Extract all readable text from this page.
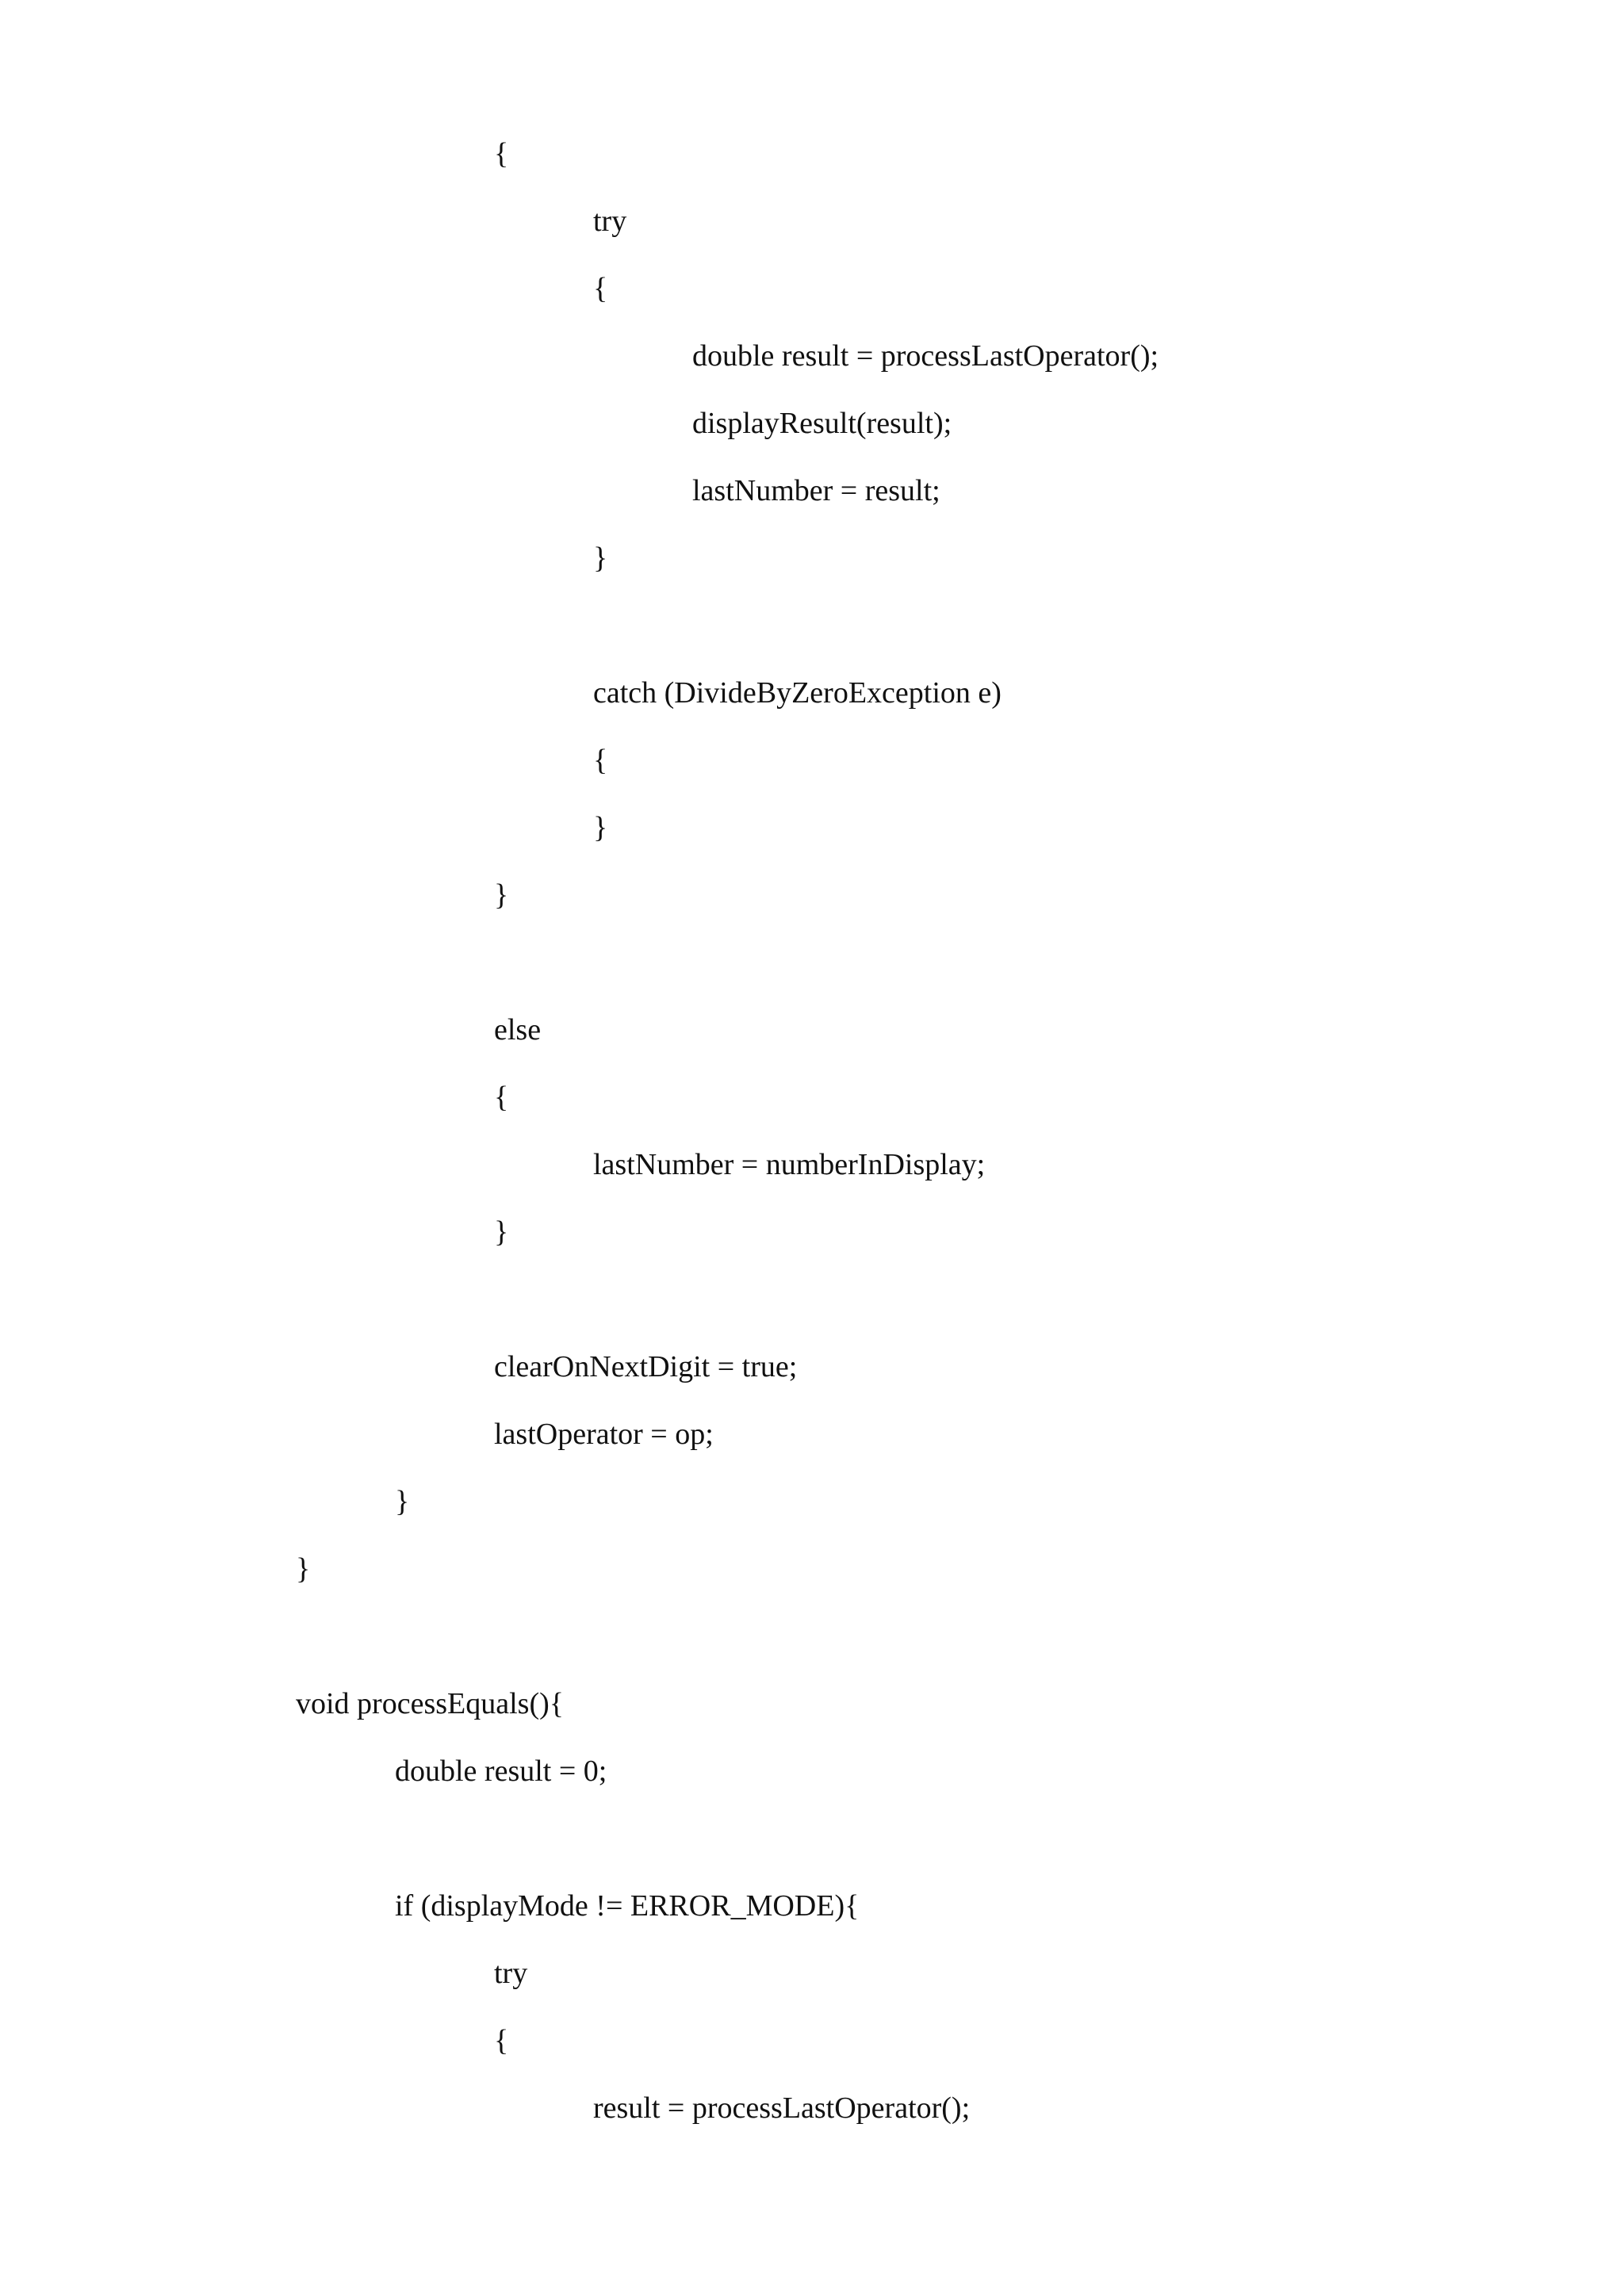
{
try
{
double result = processLastOperator();
displayResult(result);
lastNumber = result;
}
catch (DivideByZeroException e)
{
}
}
else
{
lastNumber = numberInDisplay;
}
clearOnNextDigit = true;
lastOperator = op;
}
}
void processEquals(){
double result = 0;
if (displayMode != ERROR_MODE){
try
{
result = processLastOperator();
